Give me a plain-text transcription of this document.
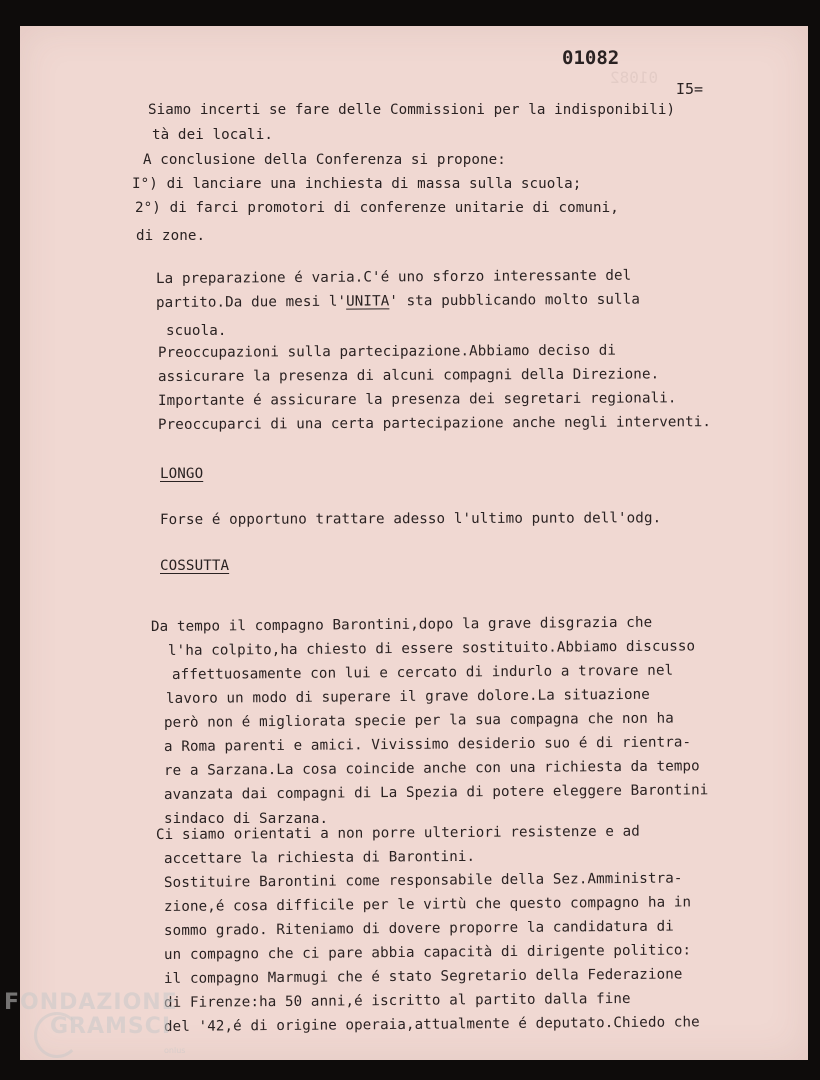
01082
01082
I5=
Siamo incerti se fare delle Commissioni per la indisponibili)
tà dei locali.
A conclusione della Conferenza si propone:
I°) di lanciare una inchiesta di massa sulla scuola;
2°) di farci promotori di conferenze unitarie di comuni,
di zone.
La preparazione é varia.C'é uno sforzo interessante del
partito.Da due mesi l'UNITA' sta pubblicando molto sulla
scuola.
Preoccupazioni sulla partecipazione.Abbiamo deciso di
assicurare la presenza di alcuni compagni della Direzione.
Importante é assicurare la presenza dei segretari regionali.
Preoccuparci di una certa partecipazione anche negli interventi.
LONGO
Forse é opportuno trattare adesso l'ultimo punto dell'odg.
COSSUTTA
Da tempo il compagno Barontini,dopo la grave disgrazia che
l'ha colpito,ha chiesto di essere sostituito.Abbiamo discusso
affettuosamente con lui e cercato di indurlo a trovare nel
lavoro un modo di superare il grave dolore.La situazione
però non é migliorata specie per la sua compagna che non ha
a Roma parenti e amici. Vivissimo desiderio suo é di rientra-
re a Sarzana.La cosa coincide anche con una richiesta da tempo
avanzata dai compagni di La Spezia di potere eleggere Barontini
sindaco di Sarzana.
Ci siamo orientati a non porre ulteriori resistenze e ad
accettare la richiesta di Barontini.
Sostituire Barontini come responsabile della Sez.Amministra-
zione,é cosa difficile per le virtù che questo compagno ha in
sommo grado. Riteniamo di dovere proporre la candidatura di
un compagno che ci pare abbia capacità di dirigente politico:
il compagno Marmugi che é stato Segretario della Federazione
di Firenze:ha 50 anni,é iscritto al partito dalla fine
del '42,é di origine operaia,attualmente é deputato.Chiedo che
FONDAZIONE
GRAMSCI
onlus
